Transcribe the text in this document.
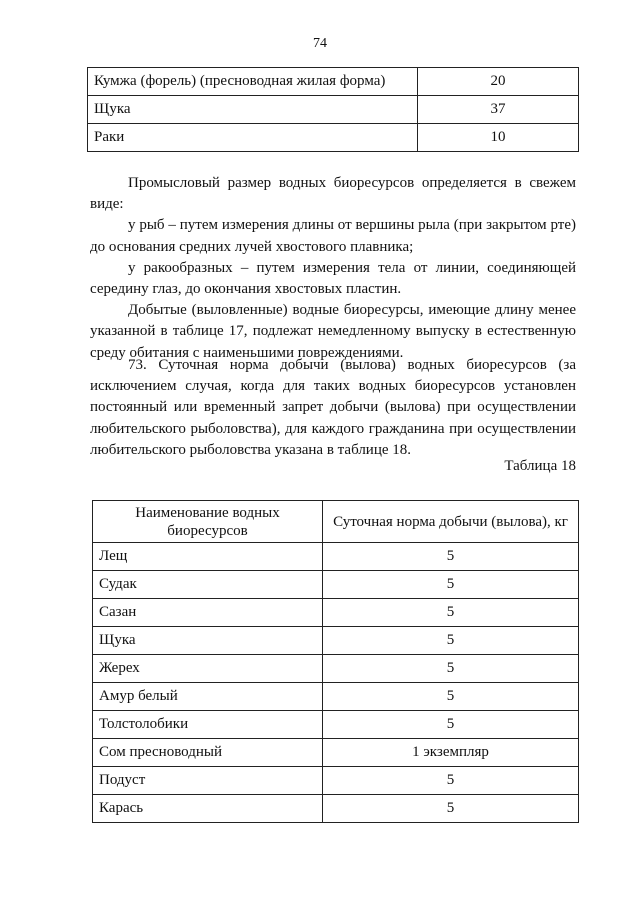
74
Кумжа (форель) (пресноводная жилая форма)	20
Щука	37
Раки	10

Промысловый размер водных биоресурсов определяется в свежем виде:

у рыб – путем измерения длины от вершины рыла (при закрытом рте) до основания средних лучей хвостового плавника;

у ракообразных – путем измерения тела от линии, соединяющей середину глаз, до окончания хвостовых пластин.

Добытые (выловленные) водные биоресурсы, имеющие длину менее указанной в таблице 17, подлежат немедленному выпуску в естественную среду обитания с наименьшими повреждениями.

73. Суточная норма добычи (вылова) водных биоресурсов (за исключением случая, когда для таких водных биоресурсов установлен постоянный или временный запрет добычи (вылова) при осуществлении любительского рыболовства), для каждого гражданина при осуществлении любительского рыболовства указана в таблице 18.

Таблица 18
Наименование водных биоресурсов	Суточная норма добычи (вылова), кг
Лещ	5
Судак	5
Сазан	5
Щука	5
Жерех	5
Амур белый	5
Толстолобики	5
Сом пресноводный	1 экземпляр
Подуст	5
Карась	5
